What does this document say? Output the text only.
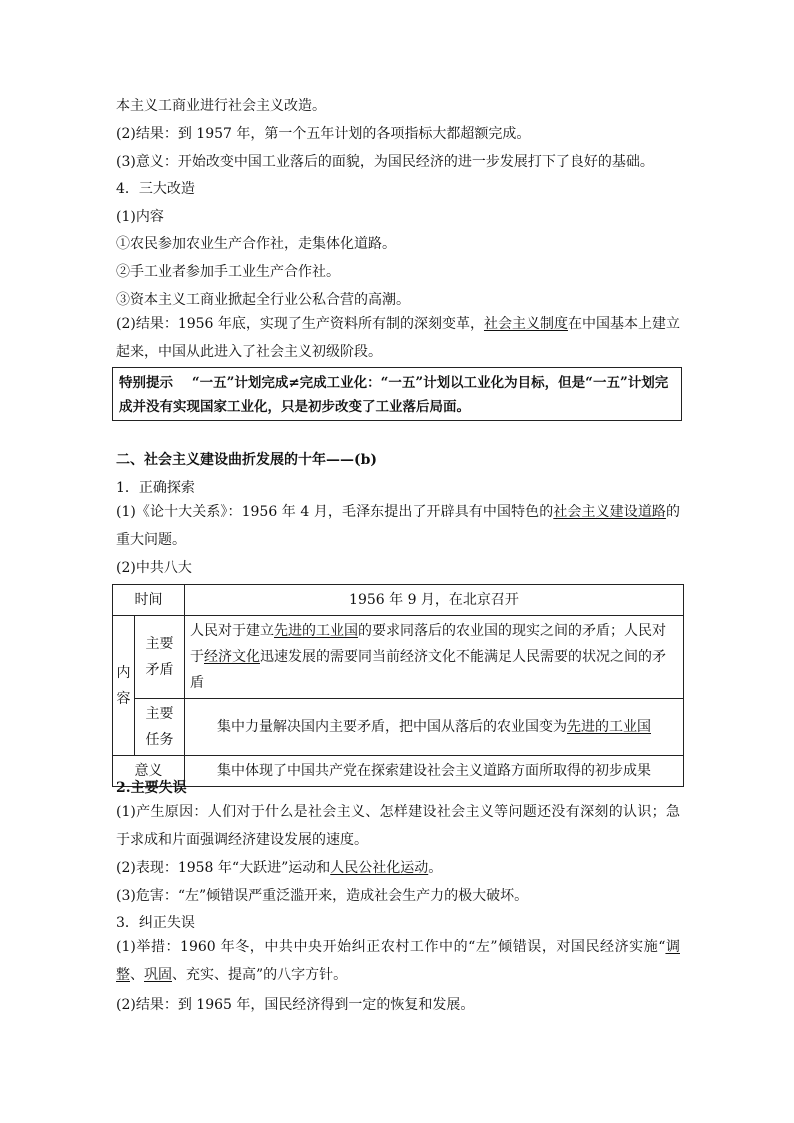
本主义工商业进行社会主义改造。
(2)结果：到 1957 年，第一个五年计划的各项指标大都超额完成。
(3)意义：开始改变中国工业落后的面貌，为国民经济的进一步发展打下了良好的基础。
4．三大改造
(1)内容
①农民参加农业生产合作社，走集体化道路。
②手工业者参加手工业生产合作社。
③资本主义工商业掀起全行业公私合营的高潮。
(2)结果：1956 年底，实现了生产资料所有制的深刻变革，社会主义制度在中国基本上建立起来，中国从此进入了社会主义初级阶段。
特别提示 “一五”计划完成≠完成工业化：“一五”计划以工业化为目标，但是“一五”计划完成并没有实现国家工业化，只是初步改变了工业落后局面。
二、社会主义建设曲折发展的十年——(b)
1．正确探索
(1)《论十大关系》：1956 年 4 月，毛泽东提出了开辟具有中国特色的社会主义建设道路的重大问题。
(2)中共八大
时间		1956 年 9 月，在北京召开
内容	主要矛盾	人民对于建立先进的工业国的要求同落后的农业国的现实之间的矛盾；人民对于经济文化迅速发展的需要同当前经济文化不能满足人民需要的状况之间的矛盾
	主要任务	集中力量解决国内主要矛盾，把中国从落后的农业国变为先进的工业国
意义		集中体现了中国共产党在探索建设社会主义道路方面所取得的初步成果
2.主要失误
(1)产生原因：人们对于什么是社会主义、怎样建设社会主义等问题还没有深刻的认识；急于求成和片面强调经济建设发展的速度。
(2)表现：1958 年“大跃进”运动和人民公社化运动。
(3)危害：“左”倾错误严重泛滥开来，造成社会生产力的极大破坏。
3．纠正失误
(1)举措：1960 年冬，中共中央开始纠正农村工作中的“左”倾错误，对国民经济实施“调整、巩固、充实、提高”的八字方针。
(2)结果：到 1965 年，国民经济得到一定的恢复和发展。
